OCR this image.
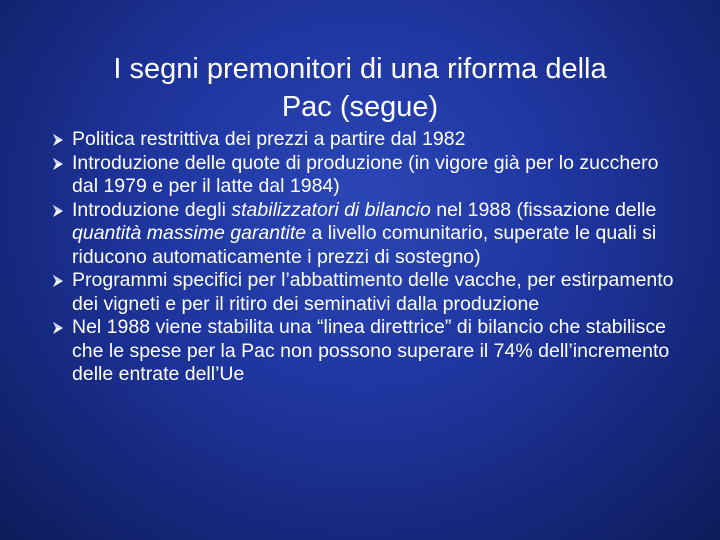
I segni premonitori di una riforma della
Pac (segue)
Politica restrittiva dei prezzi a partire dal 1982
Introduzione delle quote di produzione (in vigore già per lo zucchero dal 1979 e per il latte dal 1984)
Introduzione degli stabilizzatori di bilancio nel 1988 (fissazione delle quantità massime garantite a livello comunitario, superate le quali si riducono automaticamente i prezzi di sostegno)
Programmi specifici per l’abbattimento delle vacche, per estirpamento dei vigneti e per il ritiro dei seminativi dalla produzione
Nel 1988 viene stabilita una “linea direttrice” di bilancio che stabilisce che le spese per la Pac non possono superare il 74% dell’incremento delle entrate dell’Ue
